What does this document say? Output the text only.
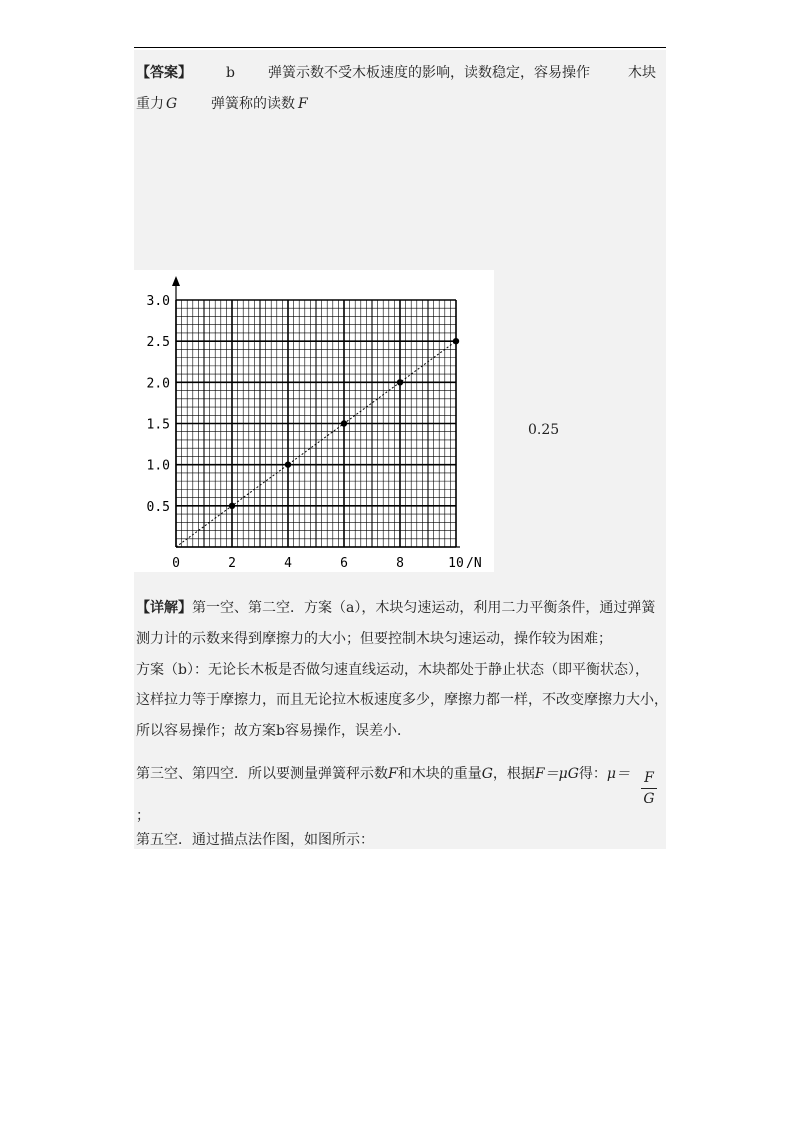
【答案】 b 弹簧示数不受木板速度的影响，读数稳定，容易操作	木块
重力 G 弹簧称的读数 F
0	2	4	6	8	10 /N
0.5
1.0
1.5
2.0
2.5
3.0
0.25
【详解】第一空、第二空．方案（a），木块匀速运动，利用二力平衡条件，通过弹簧
测力计的示数来得到摩擦力的大小；但要控制木块匀速运动，操作较为困难；
方案（b）：无论长木板是否做匀速直线运动，木块都处于静止状态（即平衡状态），
这样拉力等于摩擦力，而且无论拉木板速度多少，摩擦力都一样，不改变摩擦力大小，
所以容易操作；故方案b容易操作，误差小．
第三空、第四空．所以要测量弹簧秤示数F和木块的重量G，根据F＝μG得：μ＝ F
G
；
第五空．通过描点法作图，如图所示：
